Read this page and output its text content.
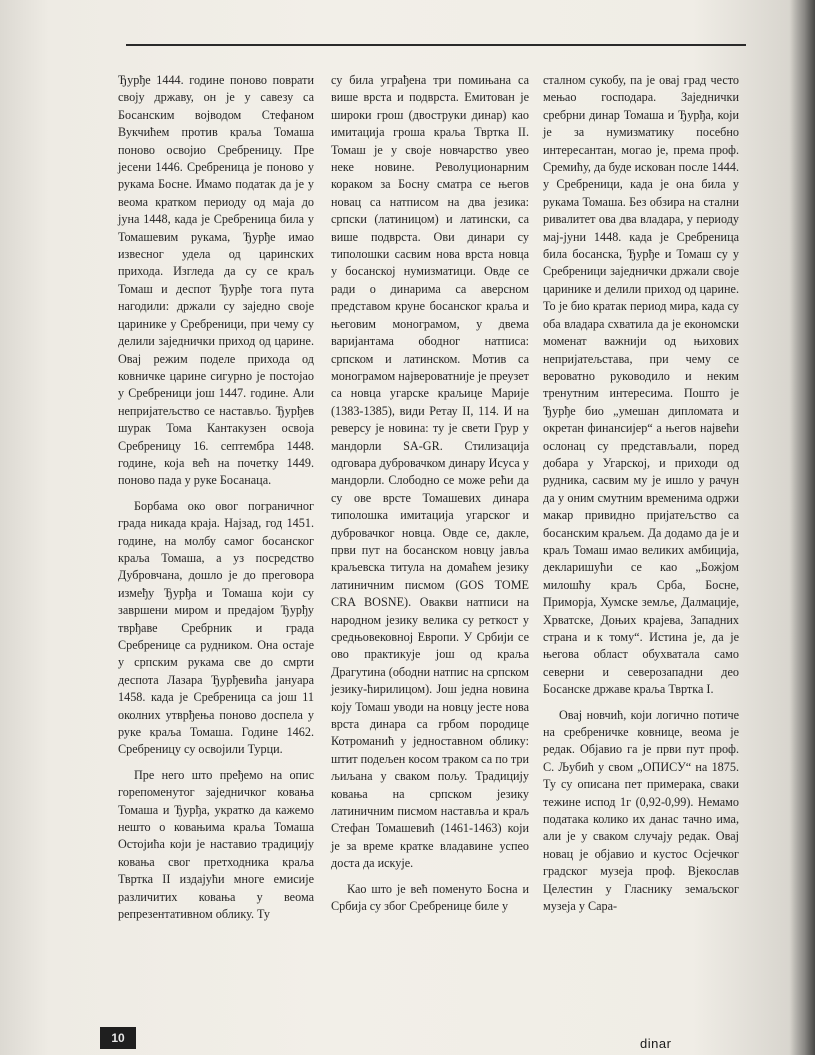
Ђурђе 1444. године поново поврати своју државу, он је у савезу са Босанским војводом Стефаном Вукчићем против краља Томаша поново освојио Сребреницу. Пре јесени 1446. Сребреница је поново у рукама Босне. Имамо податак да је у веома кратком периоду од маја до јуна 1448, када је Сребреница била у Томашевим рукама, Ђурђе имао извесног удела од царинских прихода. Изгледа да су се краљ Томаш и деспот Ђурђе тога пута нагодили: држали су заједно своје царинике у Сребреници, при чему су делили заједнички приход од царине. Овај режим поделе прихода од ковничке царине сигурно је постојао у Сребреници још 1447. године. Али непријатељство се настављо. Ђурђев шурак Тома Кантакузен освоја Сребреницу 16. септембра 1448. године, која већ на почетку 1449. поново пада у руке Босанаца.

Борбама око овог пограничног града никада краја. Најзад, год 1451. године, на молбу самог босанског краља Томаша, а уз посредство Дубровчана, дошло је до преговора између Ђурђа и Томаша који су завршени миром и предајом Ђурђу тврђаве Сребрник и града Сребренице са рудником. Она остаје у српским рукама све до смрти деспота Лазара Ђурђевића јануара 1458. када је Сребреница са још 11 околних утврђења поново доспела у руке краља Томаша. Године 1462. Сребреницу су освојили Турци.

Пре него што пређемо на опис горепоменутог заједничког ковања Томаша и Ђурђа, укратко да кажемо нешто о ковањима краља Томаша Остојића који је наставио традицију ковања свог претходника краља Твртка II издајући многе емисије различитих ковања у веома репрезентативном облику. Ту

су била уграђена три помињана са више врста и подврста. Емитован је широки грош (двоструки динар) као имитација гроша краља Твртка II. Томаш је у своје новчарство увео неке новине. Револуционарним кораком за Босну сматра се његов новац са натписом на два језика: српски (латиницом) и латински, са више подврста. Ови динари су типолошки сасвим нова врста новца у босанској нумизматици. Овде се ради о динарима са аверсном представом круне босанског краља и његовим монограмом, у двема варијантама ободног натписа: српском и латинском. Мотив са монограмом највероватније је преузет са новца угарске краљице Марије (1383-1385), види Ретау II, 114. И на реверсу је новина: ту је свети Грур у мандорли SA-GR. Стилизација одговара дубровачком динару Исуса у мандорли. Слободно се може рећи да су ове врсте Томашевих динара типолошка имитација угарског и дубровачког новца. Овде се, дакле, први пут на босанском новцу јавља краљевска титула на домаћем језику латиничним писмом (GOS TOME CRA BOSNE). Овакви натписи на народном језику велика су реткост у средњовековној Европи. У Србији се ово практикује још од краља Драгутина (ободни натпис на српском језику-ћирилицом). Још једна новина коју Томаш уводи на новцу јесте нова врста динара са грбом породице Котроманић у једноставном облику: штит подељен косом траком са по три љиљана у сваком пољу. Традицију ковања на српском језику латиничним писмом наставља и краљ Стефан Томашевић (1461-1463) који је за време кратке владавине успео доста да искује.

Као што је већ поменуто Босна и Србија су због Сребренице биле у

сталном сукобу, па је овај град често мењао господара. Заједнички сребрни динар Томаша и Ђурђа, који је за нумизматику посебно интересантан, могао је, према проф. Сремићу, да буде искован после 1444. у Сребреници, када је она била у рукама Томаша. Без обзира на стални ривалитет ова два владара, у периоду мај-јуни 1448. када је Сребреница била босанска, Ђурђе и Томаш су у Сребреници заједнички држали своје царинике и делили приход од царине. То је био кратак период мира, када су оба владара схватила да је економски моменат важнији од њихових непријатељстава, при чему се вероватно руководило и неким тренутним интересима. Пошто је Ђурђе био „умешан дипломата и окретан финансијер“ а његов највећи ослонац су представљали, поред добара у Угарској, и приходи од рудника, сасвим му је ишло у рачун да у оним смутним временима одржи макар привидно пријатељство са босанским краљем. Да додамо да је и краљ Томаш имао великих амбиција, декларишући се као „Божјом милошћу краљ Срба, Босне, Приморја, Хумске земље, Далмације, Хрватске, Доњих крајева, Западних страна и к тому“. Истина је, да је његова област обухватала само северни и северозападни део Босанске државе краља Твртка I.

Овај новчић, који логично потиче на сребреничке ковнице, веома је редак. Објавио га је први пут проф. С. Љубић у свом „ОПИСУ“ на 1875. Ту су описана пет примерака, сваки тежине испод 1г (0,92-0,99). Немамо података колико их данас тачно има, али је у сваком случају редак. Овај новац је објавио и кустос Осјечког градског музеја проф. Вјекослав Целестин у Гласнику земаљског музеја у Сара-

10	dinar
